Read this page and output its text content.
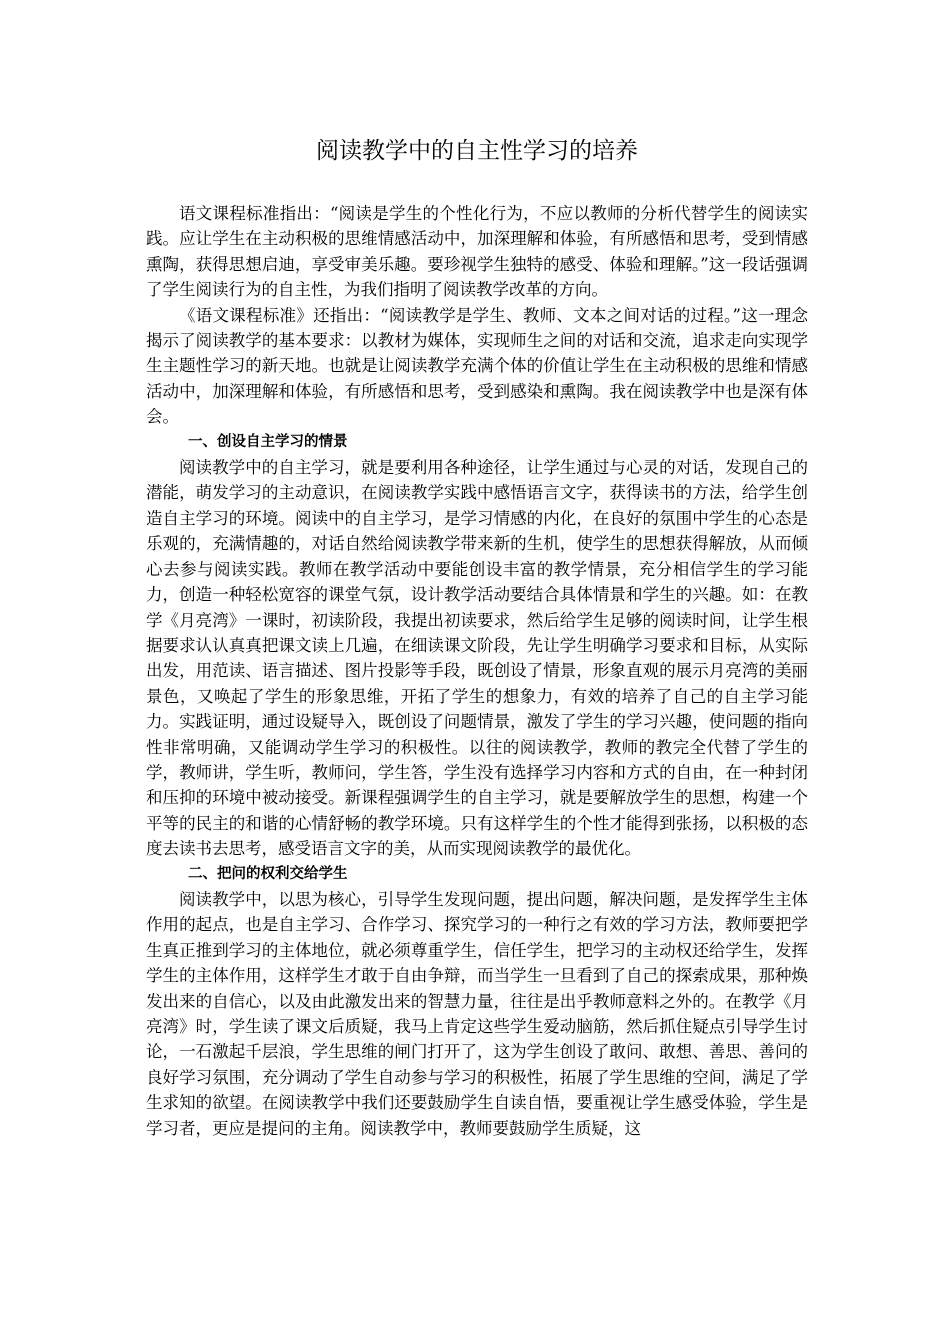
阅读教学中的自主性学习的培养

语文课程标准指出：“阅读是学生的个性化行为，不应以教师的分析代替学生的阅读实践。应让学生在主动积极的思维情感活动中，加深理解和体验，有所感悟和思考，受到情感熏陶，获得思想启迪，享受审美乐趣。要珍视学生独特的感受、体验和理解。”这一段话强调了学生阅读行为的自主性，为我们指明了阅读教学改革的方向。

《语文课程标准》还指出：“阅读教学是学生、教师、文本之间对话的过程。”这一理念揭示了阅读教学的基本要求：以教材为媒体，实现师生之间的对话和交流，追求走向实现学生主题性学习的新天地。也就是让阅读教学充满个体的价值让学生在主动积极的思维和情感活动中，加深理解和体验，有所感悟和思考，受到感染和熏陶。我在阅读教学中也是深有体会。

一、创设自主学习的情景

阅读教学中的自主学习，就是要利用各种途径，让学生通过与心灵的对话，发现自己的潜能，萌发学习的主动意识，在阅读教学实践中感悟语言文字，获得读书的方法，给学生创造自主学习的环境。阅读中的自主学习，是学习情感的内化，在良好的氛围中学生的心态是乐观的，充满情趣的，对话自然给阅读教学带来新的生机，使学生的思想获得解放，从而倾心去参与阅读实践。教师在教学活动中要能创设丰富的教学情景，充分相信学生的学习能力，创造一种轻松宽容的课堂气氛，设计教学活动要结合具体情景和学生的兴趣。如：在教学《月亮湾》一课时，初读阶段，我提出初读要求，然后给学生足够的阅读时间，让学生根据要求认认真真把课文读上几遍，在细读课文阶段，先让学生明确学习要求和目标，从实际出发，用范读、语言描述、图片投影等手段，既创设了情景，形象直观的展示月亮湾的美丽景色，又唤起了学生的形象思维，开拓了学生的想象力，有效的培养了自己的自主学习能力。实践证明，通过设疑导入，既创设了问题情景，激发了学生的学习兴趣，使问题的指向性非常明确，又能调动学生学习的积极性。以往的阅读教学，教师的教完全代替了学生的学，教师讲，学生听，教师问，学生答，学生没有选择学习内容和方式的自由，在一种封闭和压抑的环境中被动接受。新课程强调学生的自主学习，就是要解放学生的思想，构建一个平等的民主的和谐的心情舒畅的教学环境。只有这样学生的个性才能得到张扬，以积极的态度去读书去思考，感受语言文字的美，从而实现阅读教学的最优化。

二、把问的权利交给学生

阅读教学中，以思为核心，引导学生发现问题，提出问题，解决问题，是发挥学生主体作用的起点，也是自主学习、合作学习、探究学习的一种行之有效的学习方法，教师要把学生真正推到学习的主体地位，就必须尊重学生，信任学生，把学习的主动权还给学生，发挥学生的主体作用，这样学生才敢于自由争辩，而当学生一旦看到了自己的探索成果，那种焕发出来的自信心，以及由此激发出来的智慧力量，往往是出乎教师意料之外的。在教学《月亮湾》时，学生读了课文后质疑，我马上肯定这些学生爱动脑筋，然后抓住疑点引导学生讨论，一石激起千层浪，学生思维的闸门打开了，这为学生创设了敢问、敢想、善思、善问的良好学习氛围，充分调动了学生自动参与学习的积极性，拓展了学生思维的空间，满足了学生求知的欲望。在阅读教学中我们还要鼓励学生自读自悟，要重视让学生感受体验，学生是学习者，更应是提问的主角。阅读教学中，教师要鼓励学生质疑，这
